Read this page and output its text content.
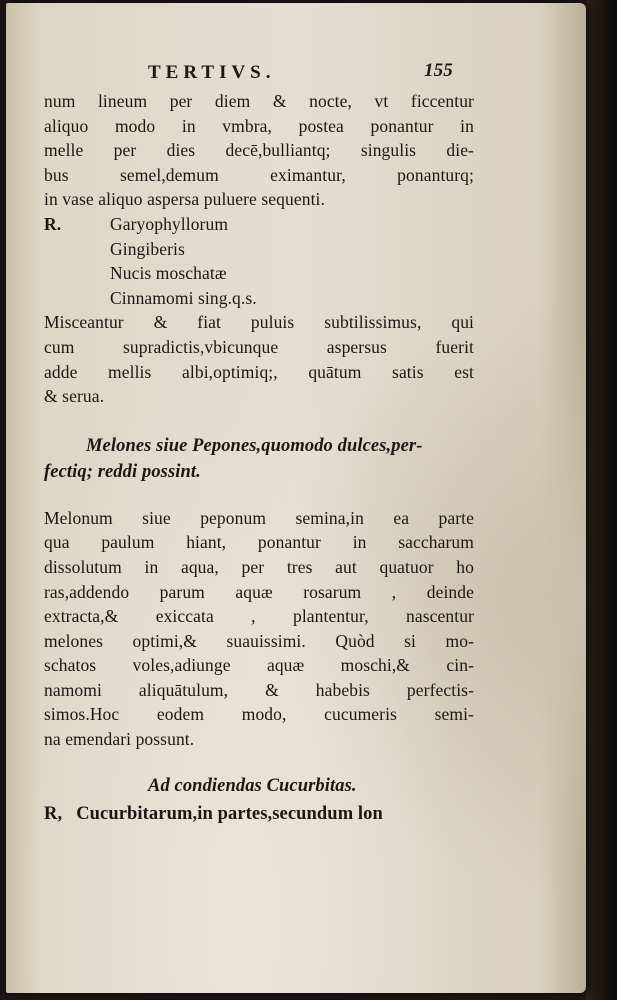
TERTIVS.	155
num lineum per diem & nocte, vt ficcentur
aliquo modo in vmbra, postea ponantur in
melle per dies decē,bulliantq; singulis die-
bus semel,demum eximantur, ponanturq;
in vase aliquo aspersa puluere sequenti.
R.	Garyophyllorum
Gingiberis
Nucis moschatæ
Cinnamomi sing.q.s.
Misceantur & fiat puluis subtilissimus, qui
cum supradictis,vbicunque aspersus fuerit
adde mellis albi,optimiq;, quātum satis est
& serua.
Melones siue Pepones,quomodo dulces,per-
fectiq; reddi possint.
Melonum siue peponum semina,in ea parte
qua paulum hiant, ponantur in saccharum
dissolutum in aqua, per tres aut quatuor ho
ras,addendo parum aquæ rosarum , deinde
extracta,& exiccata , plantentur, nascentur
melones optimi,& suauissimi. Quòd si mo-
schatos voles,adiunge aquæ moschi,& cin-
namomi aliquātulum, & habebis perfectis-
simos.Hoc eodem modo, cucumeris semi-
na emendari possunt.
Ad condiendas Cucurbitas.
R, Cucurbitarum,in partes,secundum lon
